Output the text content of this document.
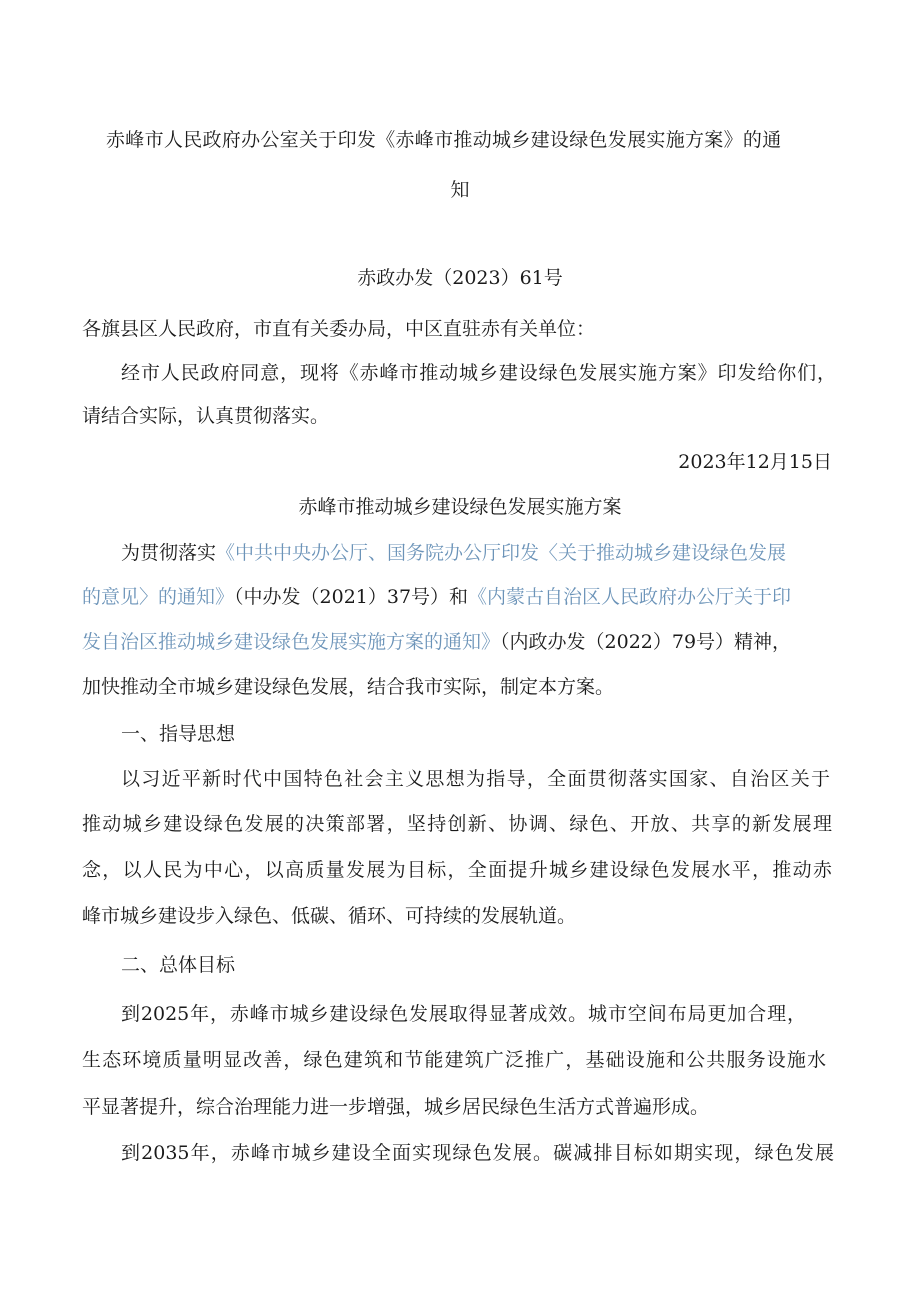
赤峰市人民政府办公室关于印发《赤峰市推动城乡建设绿色发展实施方案》的通
知
赤政办发（2023）61号
各旗县区人民政府，市直有关委办局，中区直驻赤有关单位：
经市人民政府同意，现将《赤峰市推动城乡建设绿色发展实施方案》印发给你们，
请结合实际，认真贯彻落实。
2023年12月15日
赤峰市推动城乡建设绿色发展实施方案
为贯彻落实《中共中央办公厅、国务院办公厅印发〈关于推动城乡建设绿色发展
的意见〉的通知》（中办发（2021）37号）和《内蒙古自治区人民政府办公厅关于印
发自治区推动城乡建设绿色发展实施方案的通知》（内政办发（2022）79号）精神，
加快推动全市城乡建设绿色发展，结合我市实际，制定本方案。
一、指导思想
以习近平新时代中国特色社会主义思想为指导，全面贯彻落实国家、自治区关于
推动城乡建设绿色发展的决策部署，坚持创新、协调、绿色、开放、共享的新发展理
念，以人民为中心，以高质量发展为目标，全面提升城乡建设绿色发展水平，推动赤
峰市城乡建设步入绿色、低碳、循环、可持续的发展轨道。
二、总体目标
到2025年，赤峰市城乡建设绿色发展取得显著成效。城市空间布局更加合理，
生态环境质量明显改善，绿色建筑和节能建筑广泛推广，基础设施和公共服务设施水
平显著提升，综合治理能力进一步增强，城乡居民绿色生活方式普遍形成。
到2035年，赤峰市城乡建设全面实现绿色发展。碳减排目标如期实现，绿色发展
